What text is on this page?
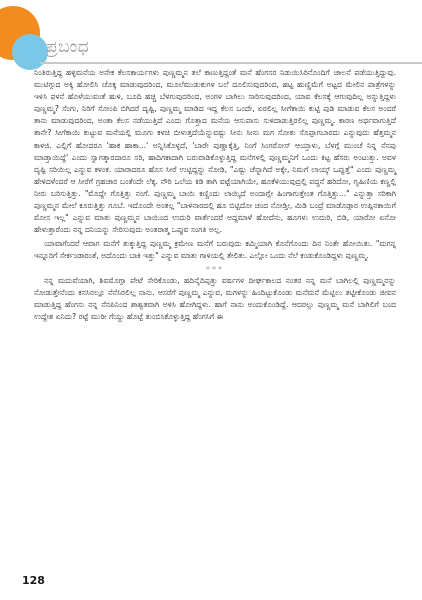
ಪ್ರಬಂಧ

ನಿಂತಿರುತ್ತಿದ್ದ ಹಳ್ಳಿಮನೆಯ ಅನೇಕ ಕೆಲಸಕಾರ್ಯಗಳು ಪುಣ್ಣಮ್ಮನ ತಲೆ ಕಾಣುತ್ತಿದ್ದಂತೆ ಮನೆ ಹೆಂಗಸರ ನಿಡುಯಿಸಿರಿನೊಂದಿಗೆ ಚಾಲನೆ ಪಡೆಯುತ್ತಿದ್ದುವು. ಮುಟಿಗ್ಗುದ ಅಕ್ಕಿ ಹೋಲಿಸಿ ಚೊಕ್ಕ ಮಾಡುವುದರಿಂದ, ಮೂಲೆಮುಡುಕುಗಳ ಬಲೆ ದೂಲಿಸುವುದರಿಂದ, ಹಟ್ಟ ಹುಣ್ಣಿಮೆಗೆ ಅಟ್ಟದ ಮೇಲಿನ ಪಾತ್ರೆಗಳನ್ನು ಇಳಿಸಿ ಫಳನೆ ಹೊಳೆಯುವಂತೆ ಹುಳಿ, ಬೂದಿ ಹಚ್ಚಿ ಬೆಳಗುವುದರಿಂದ, ಅಂಗಳ ಬಾಗಿಲು ಸಾರಿಸುವುದರಿಂದ, ಯಾವ ಕೆಲಸಕ್ಕೆ ಆಗುವುದಿಲ್ಲ ಅನ್ನುತ್ತಿದ್ದಳು ಪುಣ್ಣಮ್ಮ? ಸೆಂಗು, ನಿರಿಗೆ ಸೋಂಪಿ ಬಿಗಿದರೆ ದೃಷ್ಟಿ, ಪುಣ್ಣಮ್ಮ ಮಾಡಿದ ಇದ್ದ ಕೆಲಸ ಒಂದೇ, ಏರಲಿಲ್ಲ ಸೀಗೆಕಾಯಿ ಕುಟ್ಟಿ ಪುಡಿ ಮಾಡುವ ಕೆಲಸ ಅಂದರೆ ತಾನು ಮಾಡುವುದರಿಂದ, ಅಂತಾ ಕೆಲಸ ನಡೆಯುತ್ತಿದೆ ಎಂದು ಗೊತ್ತಾದ ಮನೆಯ ಆಸುಪಾಸು ಸುಳಿದಾಡುತ್ತಿರಲಿಲ್ಲ ಪುಣ್ಣಮ್ಮ. ಕಾರಣ ಅರ್ಥವಾಗುತ್ತಿದೆ ತಾನೇ? ಸೀಗೆಕಾಯಿ ಕುಟ್ಟುವ ಮನೆಯಲ್ಲಿ ಮೂಗು ಕಳಚಿ ಬೀಳುತ್ತದೆಯೆನ್ನುವಷ್ಟು ಸೀನು ಸೀನು ಮಗ ಸೋತು ಸೊಪ್ಪಾಗಬಾರದು ಎನ್ನುವುದು ಹೆತ್ತಮ್ಮನ ಕಾಳಜಿ. ಎಲ್ಲಿಗೆ ಹೋದರೂ 'ಹಾಕ ಹಾಕಾ...' ಅನ್ನಿಸಿಕೊಳ್ಳದೆ, 'ಬಾರೇ ಪುಣ್ಣಾಕ್ಕೆತ್ತಿ, ನಿಂಗೆ ಸಿಂಗರೋಸ್ ಆಯ್ತಾಳು, ಬೆಳಗ್ಗೆ ಮುಂಚೆ ನಿನ್ನ ನೆನಪು ಮಾಡ್ತಾಯಿದ್ದೆ' ಎಂದು ಸ್ವಾಗತ್ಕಾರದಾರೂ ಸರಿ, ಹಾದಿಗಕಾದಾಗಿ ಬರುವಾಡಿಕೊಳ್ಳುತ್ತಿದ್ದ ಮನೆಗಳಲ್ಲಿ ಪುಣ್ಣಮ್ಮನಿಗೆ ಒಂದು ಕಿಟ್ಟ ಹೆಸರು ಅಂಟುತ್ತು. ಅವಳ ದೃಷ್ಟಿ ಸರಿಯಿಲ್ಲ ಎನ್ನುವ ಕಳಂಕ. ಯಾರಾದರೂ ಹೊಸ ಸೀರೆ ಉಟ್ಟಿದ್ದನ್ನು ನೋಡಿ, "ಎಷ್ಟು ಚೆನ್ನಾಗಿದೆ ಅಕ್ಕೇ, ನಿಮಗೆ ಲಾಯ್ಕ್ ಒಪ್ಪುತ್ತೆ" ಎಂದು ಪುಣ್ಣಮ್ಮ ಹೇಳಿದಳೆಂದರೆ ಆ ಸೀರೆಗೆ ಗ್ರಹಚಾರ ಬಂತೆಂದೇ ಲೆಕ್ಕ. ನೌರಿ ಒಲೆಯ ಕಿಡಿ ತಾಗಿ ವಟ್ಟೆಯಾಗಿಯೇ, ಹೂಕೆಳಿಯುವುದ್ರಲ್ಲಿ ಪದ್ಧನೆ ಹರಿದೋ, ಗೃಹಿಣಿಯ ಕಣ್ಣಲ್ಲಿ ನೀರು ಬರಿಸುತ್ತಿತ್ತು. "ಮೊದ್ದೇ ಗೊತ್ತಿತ್ತು ನಂಗೆ. ಪುಣ್ಣಮ್ಮ ಬಾಯಿ ಕಣ್ಣಿಂದು ಲಾಯ್ಕಿದೆ ಅಂದಾಗ್ಲೇ ಹಿಂಗಾಗುತ್ತೇಂತ ಗೊತ್ತಿತ್ತು..." ಎನ್ನುತ್ತಾ ಸರಿಕಾಗಿ ಪುಣ್ಣಮ್ಮನ ಮೇಲೆ ಕೂರುತ್ತಿತ್ತು ಗೂಬೆ. ಇದೊಂದೇ ಅಂತಲ್ಲ "ಬಾಳಿನಾರದಲ್ಲಿ ಹೂ ಬಿಟ್ಟಿದೋ ಚಂದ ನೋಡ್ತೀ, ಮಿಡಿ ಬಂದ್ರೆ ಮಾಡೊಡ್ಗಾರ ಉಪ್ಪಿನಕಾಯಿಗೆ ಮೋಸ ಇಲ್ಲ" ಎನ್ನುವ ಮಾತು ಪುಣ್ಣಮ್ಮನ ಬಾಯಿಂದ ಉದುರಿ ವಾರ್ತೆಂದರೆ ಅದ್ದಮಾಳೆ ಹೋದೆನು, ಹೂಗಳು ಉದುರಿ, ಬಿಡಿ, ಯಾರೋ ಏನೋ ಹೇಳುತ್ತಾರೆಂದು ನನ್ನ ದನಿಯನ್ನು ಸೇರಿಸುವುದು ಅಂತರಾತ್ಮ ಒಪ್ಪುವ ಸಂಗತಿ ಅಲ್ಲ.

ಯಾವಾಗೆಂದರೆ ಆವಾಗ ಮನೆಗೆ ತುಕ್ಕುತ್ತಿದ್ದ ಪುಣ್ಣಮ್ಮ ಕ್ರಮೇಣ ಮನೆಗೆ ಬರುವುದು ಕಮ್ಮಿಯಾಗಿ ಕೊನೆಗೊಂದು ದಿನ ನಿಂತೇ ಹೋಯಿತು. "ಮಗನ್ನ ಇನ್ನೂರಿಗೆ ಸೇರ್ಕಂಡಾರಂತೆ, ಅದೊಂದು ಬಾಕಿ ಇತ್ತು" ಎನ್ನುವ ಮಾತು ಗಾಳಿಯಲ್ಲಿ ತೇಲಿತು. ಎಲ್ಲೋ ಒಂದು ನೆಲೆ ಕಂಡುಕೊಂಡಿದ್ದಳು ಪುಣ್ಣಮ್ಮ.

***

ನನ್ನ ಮದುವೆಯಾಗಿ, ಶಿವಮೊಗ್ಗಾ ಪೇಟೆ ಸೇರಿಕೊಂಡು, ಹದಿನೈದಿಪ್ಪತ್ತು ವರ್ಷಗಳ ದೀರ್ಘಕಾಲದ ನಂತರ ನನ್ನ ಮನೆ ಬಾಗಿಲಲ್ಲಿ ಪುಣ್ಣಮ್ಮನನ್ನು ನೋಡುತ್ತೇನೆಂದು ಕನಸಿನಲ್ಲೂ ನೆನೆಸಿರಲಿಲ್ಲ ನಾನು. ಆಸರೆಗೆ ಪುಣ್ಣಮ್ಮ ಎನ್ನುವ, ಮಗಳನ್ನು ಹಿಂದಿಟ್ಟುಕೊಂಡು ಮನೆಮನೆ ಮೆಟ್ಟಿಲು ತಟ್ಟೀಕೊಂಡು ಜೀವನ ಮಾಡುತ್ತಿದ್ದ ಹೆಂಗಸು ನನ್ನ ನೆನಪಿನಿಂದ ಶಾಶ್ವತವಾಗಿ ಅಳಿಸಿ ಹೋಗಿದ್ದಳು. ಹಾಗೆ ನಾನು ಅಂದುಕೊಂಡಿದ್ದೆ. ಆದರಲ್ಲು ಪುಣ್ಣಮ್ಮ ಮನೆ ಬಾಗಿಲಿಗೆ ಬಂದ ಉದ್ದೇಶ ಏನಿದು? ರಟ್ಟೆ ಮುರೀ ಗೆಯ್ದು ಹೊಟ್ಟೆ ತುಂಬಿಸಿಕೊಳ್ಳುತ್ತಿದ್ದ ಹೆಂಗಸಿಗೆ ಈ

128
